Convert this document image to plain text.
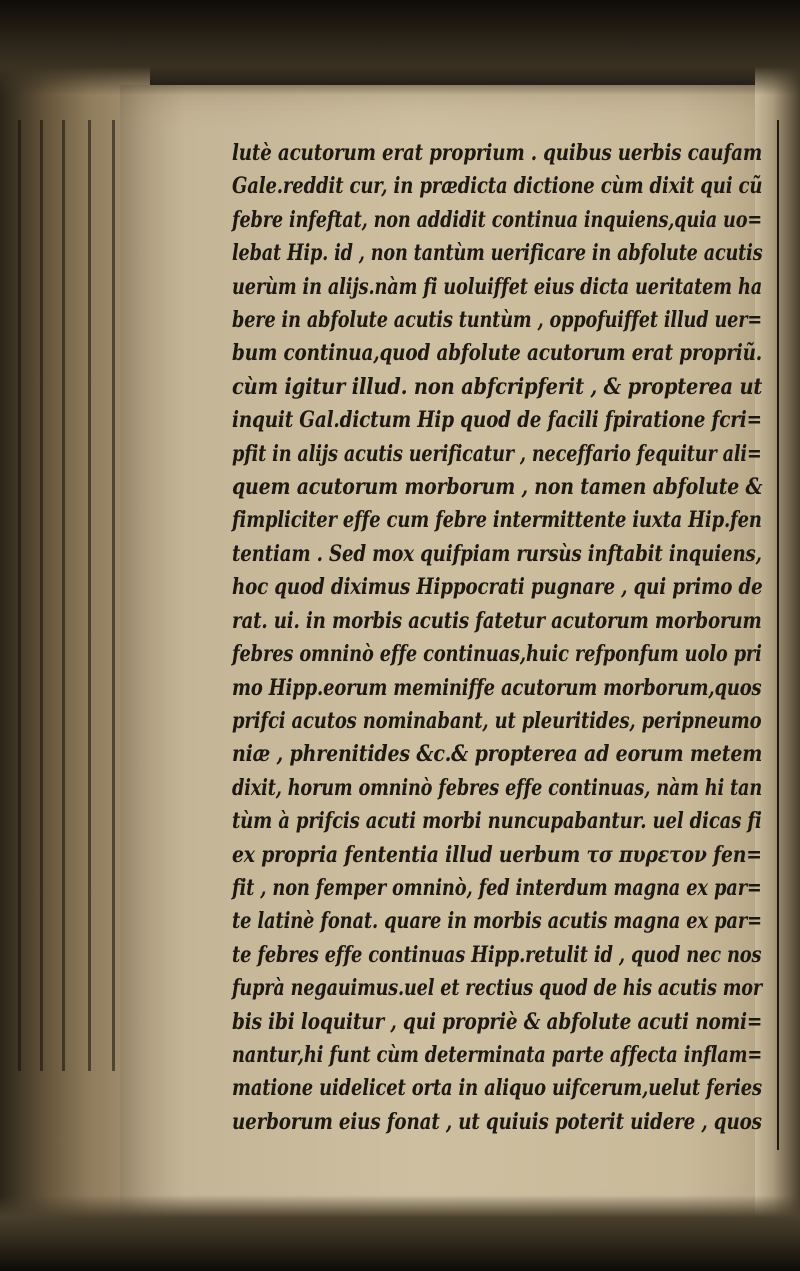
lutè acutorum erat proprium . quibus uerbis caufam
Gale.reddit cur, in prædicta dictione cùm dixit qui cũ
febre infeftat, non addidit continua inquiens,quia uo=
lebat Hip. id , non tantùm uerificare in abfolute acutis
uerùm in alijs.nàm fi uoluiffet eius dicta ueritatem ha
bere in abfolute acutis tuntùm , oppofuiffet illud uer=
bum continua,quod abfolute acutorum erat propriũ.
cùm igitur illud. non abfcripferit , & propterea ut
inquit Gal.dictum Hip quod de facili fpiratione fcri=
pfit in alijs acutis uerificatur , neceffario fequitur ali=
quem acutorum morborum , non tamen abfolute &
fimpliciter effe cum febre intermittente iuxta Hip.fen
tentiam . Sed mox quifpiam rursùs inftabit inquiens,
hoc quod diximus Hippocrati pugnare , qui primo de
rat. ui. in morbis acutis fatetur acutorum morborum
febres omninò effe continuas,huic refponfum uolo pri
mo Hipp.eorum meminiffe acutorum morborum,quos
prifci acutos nominabant, ut pleuritides, peripneumo
niæ , phrenitides &c.& propterea ad eorum metem
dixit, horum omninò febres effe continuas, nàm hi tan
tùm à prifcis acuti morbi nuncupabantur. uel dicas fi
ex propria fententia illud uerbum τσ πυρετον fen=
fit , non femper omninò, fed interdum magna ex par=
te latinè fonat. quare in morbis acutis magna ex par=
te febres effe continuas Hipp.retulit id , quod nec nos
fuprà negauimus.uel et rectius quod de his acutis mor
bis ibi loquitur , qui propriè & abfolute acuti nomi=
nantur,hi funt cùm determinata parte affecta inflam=
matione uidelicet orta in aliquo uifcerum,uelut feries
uerborum eius fonat , ut quiuis poterit uidere , quos
